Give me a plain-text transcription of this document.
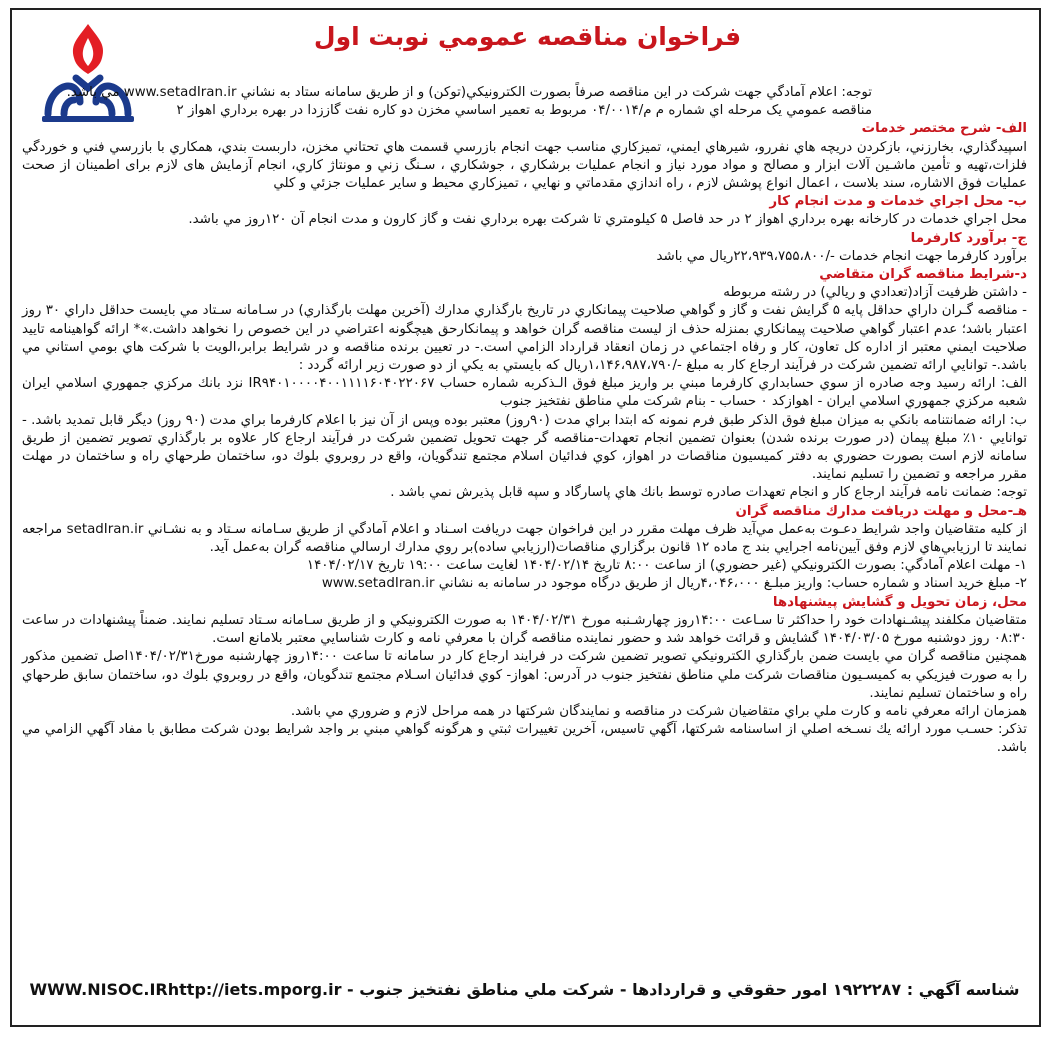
فراخوان مناقصه عمومي نوبت اول

توجه: اعلام آمادگي جهت شركت در اين مناقصه صرفاً بصورت الكترونيكي(توكن) و از طريق سامانه ستاد به نشاني www.setadIran.ir مي باشد.

مناقصه عمومي يک مرحله اي شماره م م/۰۴/۰۰۱۴ مربوط به تعمير اساسي مخزن دو كاره نفت گاززدا در بهره برداري اهواز ۲

الف- شرح مختصر خدمات

اسپيدگذاري، بخارزني، بازكردن دريچه هاي نفررو، شيرهاي ايمني، تميزكاري مناسب جهت انجام بازرسي قسمت هاي تحتاني مخزن، داربست بندي، همكاري با بازرسي فني و خوردگي فلزات،تهيه و تأمين ماشـين آلات ابزار و مصالح و مواد مورد نياز و انجام عمليات برشكاري ، جوشكاري ، سـنگ زني و مونتاژ كاري، انجام آزمايش هاى لازم براى اطمينان از صحت عمليات فوق الاشاره، سند بلاست ، اعمال انواع پوشش لازم ، راه اندازي مقدماتي و نهايي ، تميزكاري محيط و ساير عمليات جزئي و كلي

ب- محل اجراي خدمات و مدت انجام كار

محل اجراي خدمات در كارخانه بهره برداري اهواز ۲ در حد فاصل ۵ كيلومتري تا شركت بهره برداري نفت و گاز كارون و مدت انجام آن ۱۲۰روز مي باشد.

ج- برآورد كارفرما

برآورد كارفرما جهت انجام خدمات -/۲۲،۹۳۹،۷۵۵،۸۰۰ريال مي باشد

د-شرايط مناقصه گران متقاضي

- داشتن ظرفيت آزاد(تعدادي و ريالي) در رشته مربوطه

- مناقصه گـران داراي حداقل پايه ۵ گرايش نفت و گاز و گواهي صلاحيت پيمانكاري در تاريخ بارگذاري مدارك (آخرين مهلت بارگذاري) در سـامانه سـتاد مي بايست حداقل داراي ۳۰ روز اعتبار باشد؛ عدم اعتبار گواهي صلاحيت پيمانكاري بمنزله حذف از ليست مناقصه گران خواهد و پيمانكارحق هيچگونه اعتراضي در اين خصوص را نخواهد داشت.»* ارائه گواهينامه تاييد صلاحيت ايمني معتبر از اداره كل تعاون، كار و رفاه اجتماعي در زمان انعقاد قرارداد الزامي است.- در تعيين برنده مناقصه و در شرايط برابر،الويت با شركت هاي بومي استاني مي باشد.- توانايي ارائه تضمين شركت در فرآيند ارجاع كار به مبلغ -/۱،۱۴۶،۹۸۷،۷۹۰ريال كه بايستي به يكي از دو صورت زير ارائه گردد :

الف: ارائه رسيد وجه صادره از سوي حسابداري كارفرما مبني بر واريز مبلغ فوق الـذكربه شماره حساب IR۹۴۰۱۰۰۰۰۴۰۰۱۱۱۱۶۰۴۰۲۲۰۶۷ نزد بانك مركزي جمهوري اسلامي ايران شعبه مركزي جمهوري اسلامي ايران - اهوازكد ۰ حساب - بنام شركت ملي مناطق نفتخيز جنوب

ب: ارائه ضمانتنامه بانكي به ميزان مبلغ فوق الذكر طبق فرم نمونه كه ابتدا براي مدت (۹۰روز) معتبر بوده وپس از آن نيز با اعلام كارفرما براي مدت (۹۰ روز) ديگر قابل تمديد باشد. - توانايي ۱۰٪ مبلغ پيمان (در صورت برنده شدن) بعنوان تضمين انجام تعهدات-مناقصه گر جهت تحويل تضمين شركت در فرآيند ارجاع كار علاوه بر بارگذاري تصوير تضمين از طريق سامانه لازم است بصورت حضوري به دفتر كميسيون مناقصات در اهواز، كوي فدائيان اسلام مجتمع تندگويان، واقع در روبروي بلوك دو، ساختمان طرحهاي راه و ساختمان در مهلت مقرر مراجعه و تضمين را تسليم نمايند.

توجه: ضمانت نامه فرآيند ارجاع كار و انجام تعهدات صادره توسط بانك هاي پاسارگاد و سپه قابل پذيرش نمي باشد .

هـ-محل و مهلت دريافت مدارك مناقصه گران

از كليه متقاضيان واجد شرايط دعـوت به‌عمل مي‌آيد ظرف مهلت مقرر در اين فراخوان جهت دريافت اسـناد و اعلام آمادگي از طريق سـامانه سـتاد و به نشـاني setadIran.ir مراجعه نمايند تا ارزيابي‌هاي لازم وفق آيين‌نامه اجرايي بند ج ماده ۱۲ قانون برگزاري مناقصات(ارزيابي ساده)بر روي مدارك ارسالي مناقصه گران به‌عمل آيد.

۱- مهلت اعلام آمادگي: بصورت الكترونيكي (غير حضوري) از ساعت ۸:۰۰ تاريخ ۱۴۰۴/۰۲/۱۴ لغايت ساعت ۱۹:۰۰ تاريخ ۱۴۰۴/۰۲/۱۷

۲- مبلغ خريد اسناد و شماره حساب: واريز مبلـغ ۴،۰۴۶،۰۰۰ريال از طريق درگاه موجود در سامانه به نشاني www.setadIran.ir

محل، زمان تحويل و گشايش پيشنهادها

متقاضيان مكلفند پيشـنهادات خود را حداكثر تا سـاعت ۱۴:۰۰روز چهارشـنبه مورخ ۱۴۰۴/۰۲/۳۱ به صورت الكترونيكي و از طريق سـامانه سـتاد تسليم نمايند. ضمناً پيشنهادات در ساعت ۰۸:۳۰ روز دوشنبه مورخ ۱۴۰۴/۰۳/۰۵ گشايش و قرائت خواهد شد و حضور نماينده مناقصه گران با معرفي نامه و كارت شناسايي معتبر بلامانع است.

همچنين مناقصه گران مي بايست ضمن بارگذاري الكترونيكي تصوير تضمين شركت در فرايند ارجاع كار در سامانه تا ساعت ۱۴:۰۰روز چهارشنبه مورخ۱۴۰۴/۰۲/۳۱اصل تضمين مذكور را به صورت فيزيكي به كميسـيون مناقصات شركت ملي مناطق نفتخيز جنوب در آدرس: اهواز- كوي فدائيان اسـلام مجتمع تندگويان، واقع در روبروي بلوك دو، ساختمان سابق طرحهاي راه و ساختمان تسليم نمايند.

همزمان ارائه معرفي نامه و كارت ملي براي متقاضيان شركت در مناقصه و نمايندگان شركتها در همه مراحل لازم و ضروري مي باشد.

تذكر: حسـب مورد ارائه يك نسـخه اصلي از اساسنامه شركتها، آگهي تاسيس، آخرين تغييرات ثبتي و هرگونه گواهي مبني بر واجد شرايط بودن شركت مطابق با مفاد آگهي الزامي مي باشد.

شناسه آگهي : ۱۹۲۲۲۸۷ امور حقوقي و قراردادها - شركت ملي مناطق نفتخيز جنوب - WWW.NISOC.IRhttp://iets.mporg.ir
